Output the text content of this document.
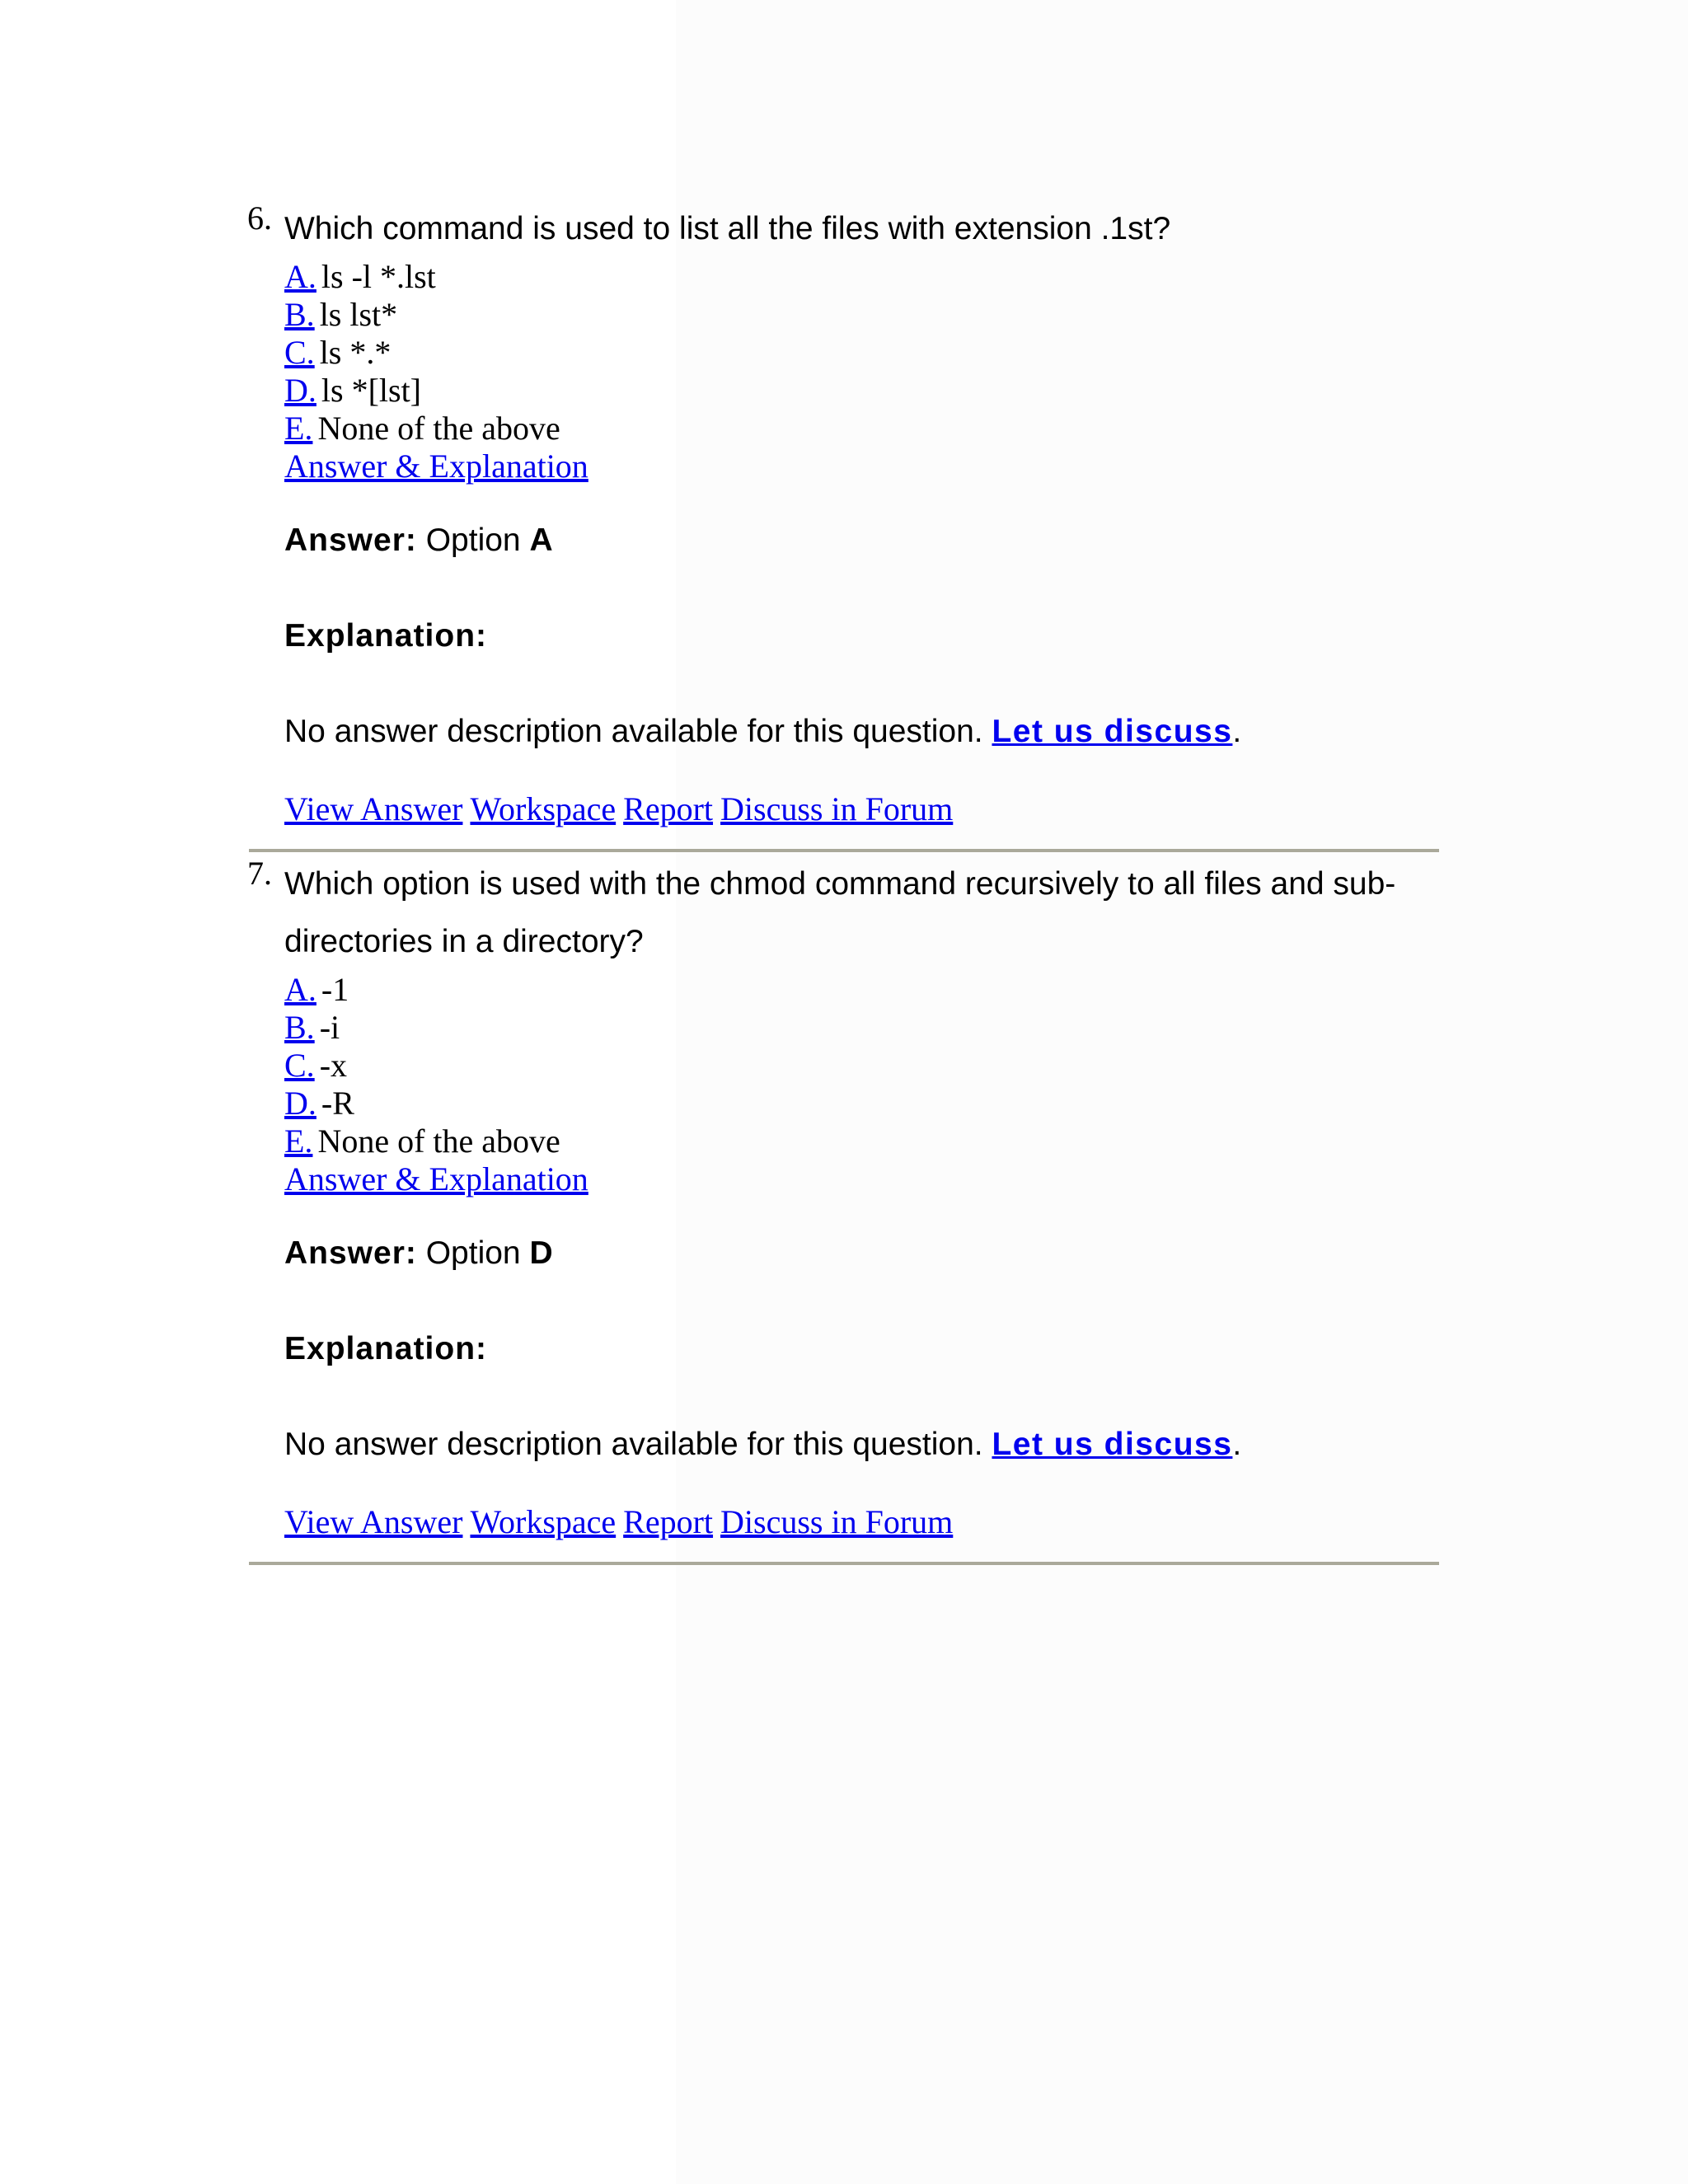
6. Which command is used to list all the files with extension .1st?

A. ls -l *.lst
B. ls lst*
C. ls *.*
D. ls *[lst]
E. None of the above
Answer & Explanation
Answer: Option A
Explanation:
No answer description available for this question. Let us discuss.
View Answer Workspace Report Discuss in Forum
7. Which option is used with the chmod command recursively to all files and sub-directories in a directory?

A. -1
B. -i
C. -x
D. -R
E. None of the above
Answer & Explanation
Answer: Option D
Explanation:
No answer description available for this question. Let us discuss.
View Answer Workspace Report Discuss in Forum
